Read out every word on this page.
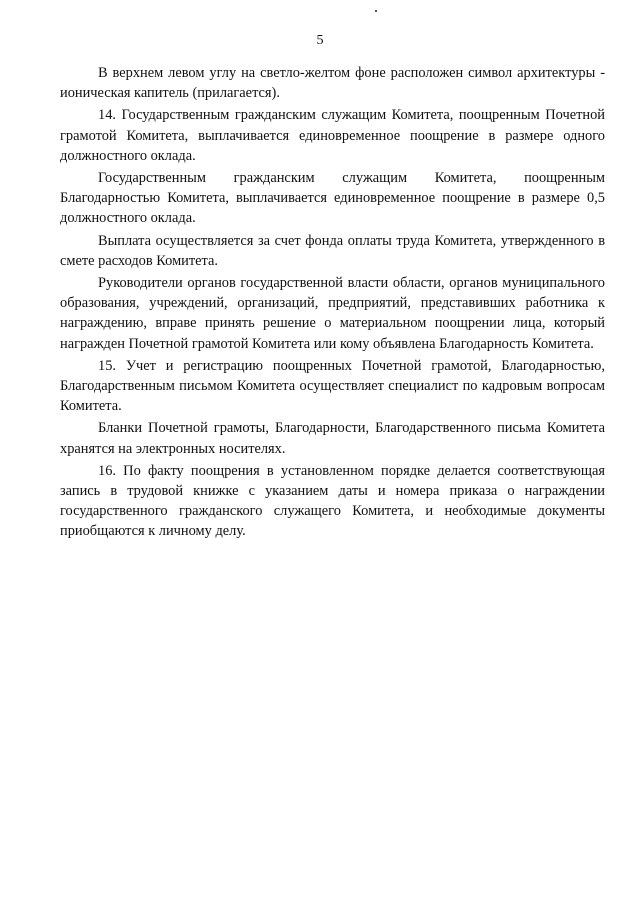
5

В верхнем левом углу на светло-желтом фоне расположен символ архитектуры - ионическая капитель (прилагается).

14. Государственным гражданским служащим Комитета, поощренным Почетной грамотой Комитета, выплачивается единовременное поощрение в размере одного должностного оклада.

Государственным гражданским служащим Комитета, поощренным Благодарностью Комитета, выплачивается единовременное поощрение в размере 0,5 должностного оклада.

Выплата осуществляется за счет фонда оплаты труда Комитета, утвержденного в смете расходов Комитета.

Руководители органов государственной власти области, органов муниципального образования, учреждений, организаций, предприятий, представивших работника к награждению, вправе принять решение о материальном поощрении лица, который награжден Почетной грамотой Комитета или кому объявлена Благодарность Комитета.

15. Учет и регистрацию поощренных Почетной грамотой, Благодарностью, Благодарственным письмом Комитета осуществляет специалист по кадровым вопросам Комитета.

Бланки Почетной грамоты, Благодарности, Благодарственного письма Комитета хранятся на электронных носителях.

16. По факту поощрения в установленном порядке делается соответствующая запись в трудовой книжке с указанием даты и номера приказа о награждении государственного гражданского служащего Комитета, и необходимые документы приобщаются к личному делу.
